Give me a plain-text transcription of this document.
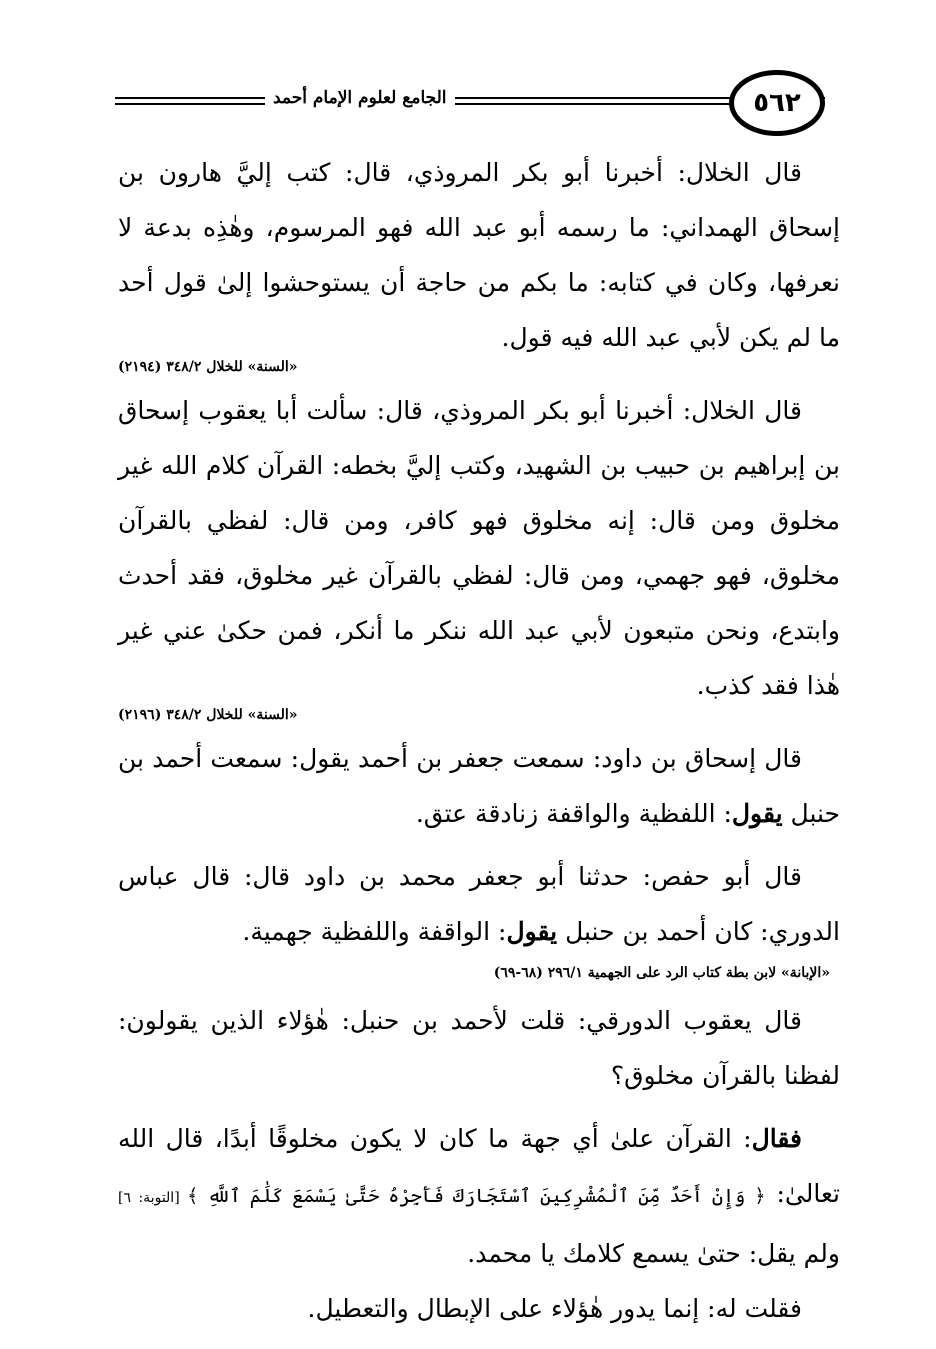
الجامع لعلوم الإمام أحمد	٥٦٢

قال الخلال: أخبرنا أبو بكر المروذي، قال: كتب إليَّ هارون بن إسحاق الهمداني: ما رسمه أبو عبد الله فهو المرسوم، وهٰذِه بدعة لا نعرفها، وكان في كتابه: ما بكم من حاجة أن يستوحشوا إلىٰ قول أحد ما لم يكن لأبي عبد الله فيه قول.

«السنة» للخلال ٣٤٨/٢ (٢١٩٤)

قال الخلال: أخبرنا أبو بكر المروذي، قال: سألت أبا يعقوب إسحاق بن إبراهيم بن حبيب بن الشهيد، وكتب إليَّ بخطه: القرآن كلام الله غير مخلوق ومن قال: إنه مخلوق فهو كافر، ومن قال: لفظي بالقرآن مخلوق، فهو جهمي، ومن قال: لفظي بالقرآن غير مخلوق، فقد أحدث وابتدع، ونحن متبعون لأبي عبد الله ننكر ما أنكر، فمن حكىٰ عني غير هٰذا فقد كذب.

«السنة» للخلال ٣٤٨/٢ (٢١٩٦)

قال إسحاق بن داود: سمعت جعفر بن أحمد يقول: سمعت أحمد بن حنبل يقول: اللفظية والواقفة زنادقة عتق.

قال أبو حفص: حدثنا أبو جعفر محمد بن داود قال: قال عباس الدوري: كان أحمد بن حنبل يقول: الواقفة واللفظية جهمية.

«الإبانة» لابن بطة كتاب الرد على الجهمية ٢٩٦/١ (٦٨-٦٩)

قال يعقوب الدورقي: قلت لأحمد بن حنبل: هٰؤلاء الذين يقولون: لفظنا بالقرآن مخلوق؟

فقال: القرآن علىٰ أي جهة ما كان لا يكون مخلوقًا أبدًا، قال الله تعالىٰ: ﴿ وَإِنْ أَحَدٌ مِّنَ ٱلْمُشْرِكِينَ ٱسْتَجَارَكَ فَأَجِرْهُ حَتَّىٰ يَسْمَعَ كَلَٰمَ ٱللَّهِ ﴾ [التوبة: ٦] ولم يقل: حتىٰ يسمع كلامك يا محمد.

فقلت له: إنما يدور هٰؤلاء على الإبطال والتعطيل.
